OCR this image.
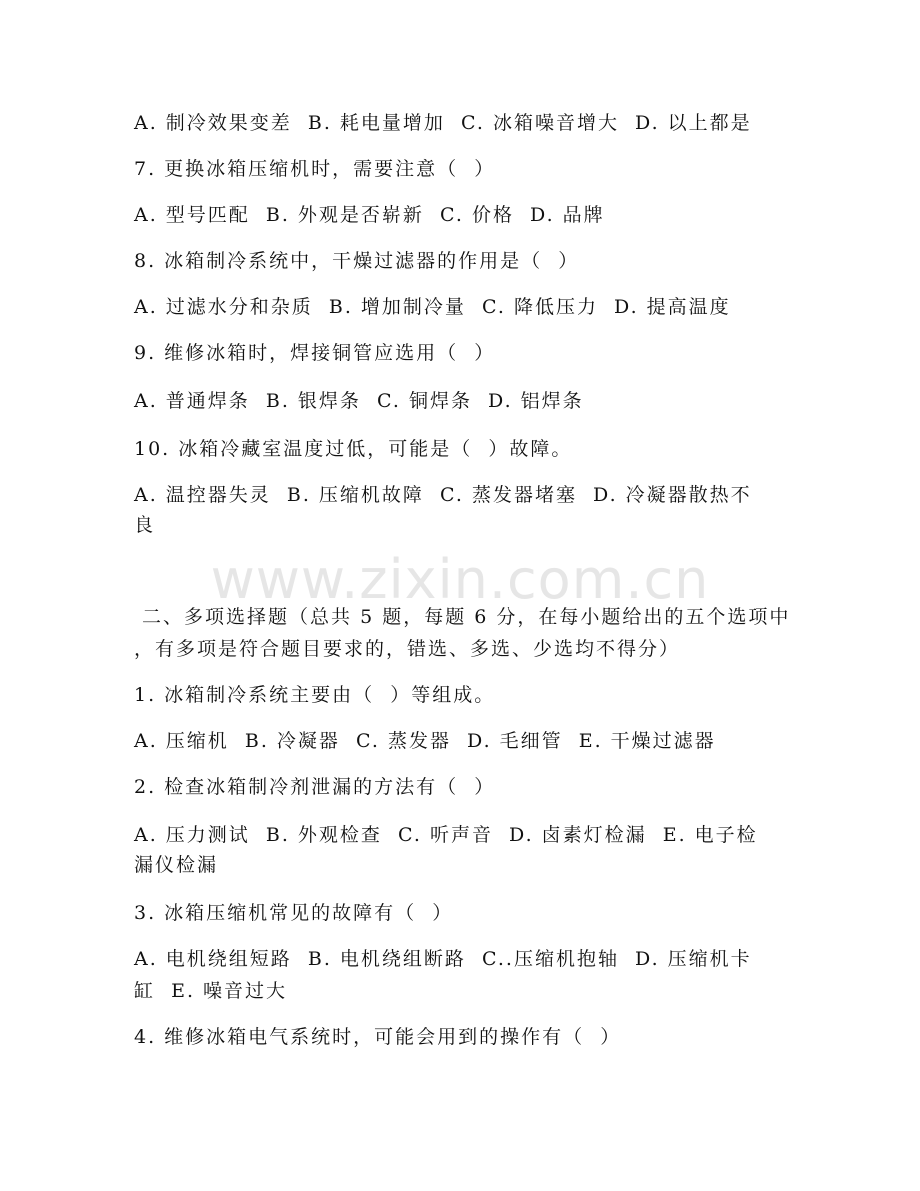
www.zixin.com.cn
A. 制冷效果变差  B. 耗电量增加  C. 冰箱噪音增大  D. 以上都是
7. 更换冰箱压缩机时，需要注意（  ）
A. 型号匹配  B. 外观是否崭新  C. 价格  D. 品牌
8. 冰箱制冷系统中，干燥过滤器的作用是（  ）
A. 过滤水分和杂质  B. 增加制冷量  C. 降低压力  D. 提高温度
9. 维修冰箱时，焊接铜管应选用（  ）
A. 普通焊条  B. 银焊条  C. 铜焊条  D. 铝焊条
10. 冰箱冷藏室温度过低，可能是（  ）故障。
A. 温控器失灵  B. 压缩机故障  C. 蒸发器堵塞  D. 冷凝器散热不
良
二、多项选择题（总共 5 题，每题 6 分，在每小题给出的五个选项中
，有多项是符合题目要求的，错选、多选、少选均不得分）
1. 冰箱制冷系统主要由（  ）等组成。
A. 压缩机  B. 冷凝器  C. 蒸发器  D. 毛细管  E. 干燥过滤器
2. 检查冰箱制冷剂泄漏的方法有（  ）
A. 压力测试  B. 外观检查  C. 听声音  D. 卤素灯检漏  E. 电子检
漏仪检漏
3. 冰箱压缩机常见的故障有（  ）
A. 电机绕组短路  B. 电机绕组断路  C..压缩机抱轴  D. 压缩机卡
缸  E. 噪音过大
4. 维修冰箱电气系统时，可能会用到的操作有（  ）
